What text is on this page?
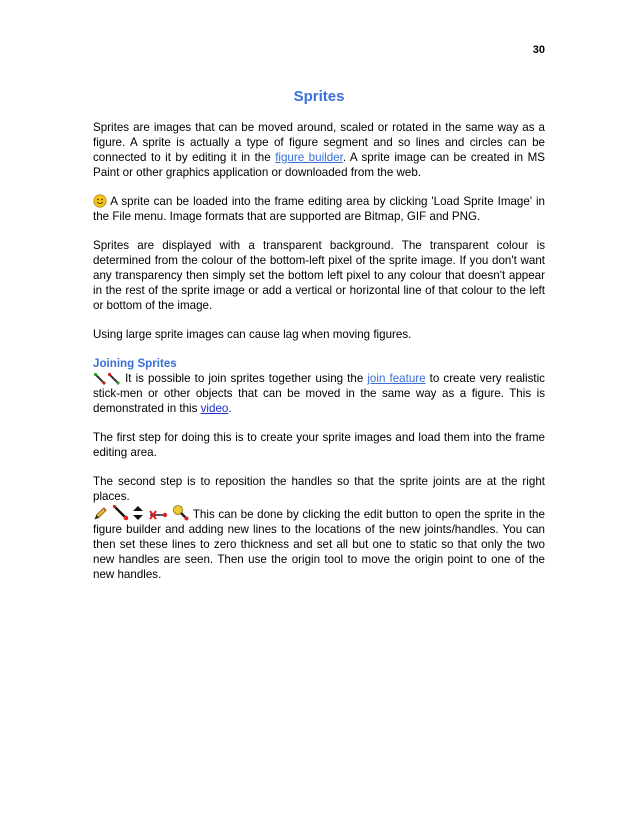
30
Sprites

Sprites are images that can be moved around, scaled or rotated in the same way as a figure. A sprite is actually a type of figure segment and so lines and circles can be connected to it by editing it in the figure builder. A sprite image can be created in MS Paint or other graphics application or downloaded from the web.

A sprite can be loaded into the frame editing area by clicking 'Load Sprite Image' in the File menu. Image formats that are supported are Bitmap, GIF and PNG.

Sprites are displayed with a transparent background. The transparent colour is determined from the colour of the bottom-left pixel of the sprite image. If you don't want any transparency then simply set the bottom left pixel to any colour that doesn't appear in the rest of the sprite image or add a vertical or horizontal line of that colour to the left or bottom of the image.

Using large sprite images can cause lag when moving figures.

Joining Sprites

It is possible to join sprites together using the join feature to create very realistic stick-men or other objects that can be moved in the same way as a figure. This is demonstrated in this video.

The first step for doing this is to create your sprite images and load them into the frame editing area.

The second step is to reposition the handles so that the sprite joints are at the right places.

This can be done by clicking the edit button to open the sprite in the figure builder and adding new lines to the locations of the new joints/handles. You can then set these lines to zero thickness and set all but one to static so that only the two new handles are seen. Then use the origin tool to move the origin point to one of the new handles.
